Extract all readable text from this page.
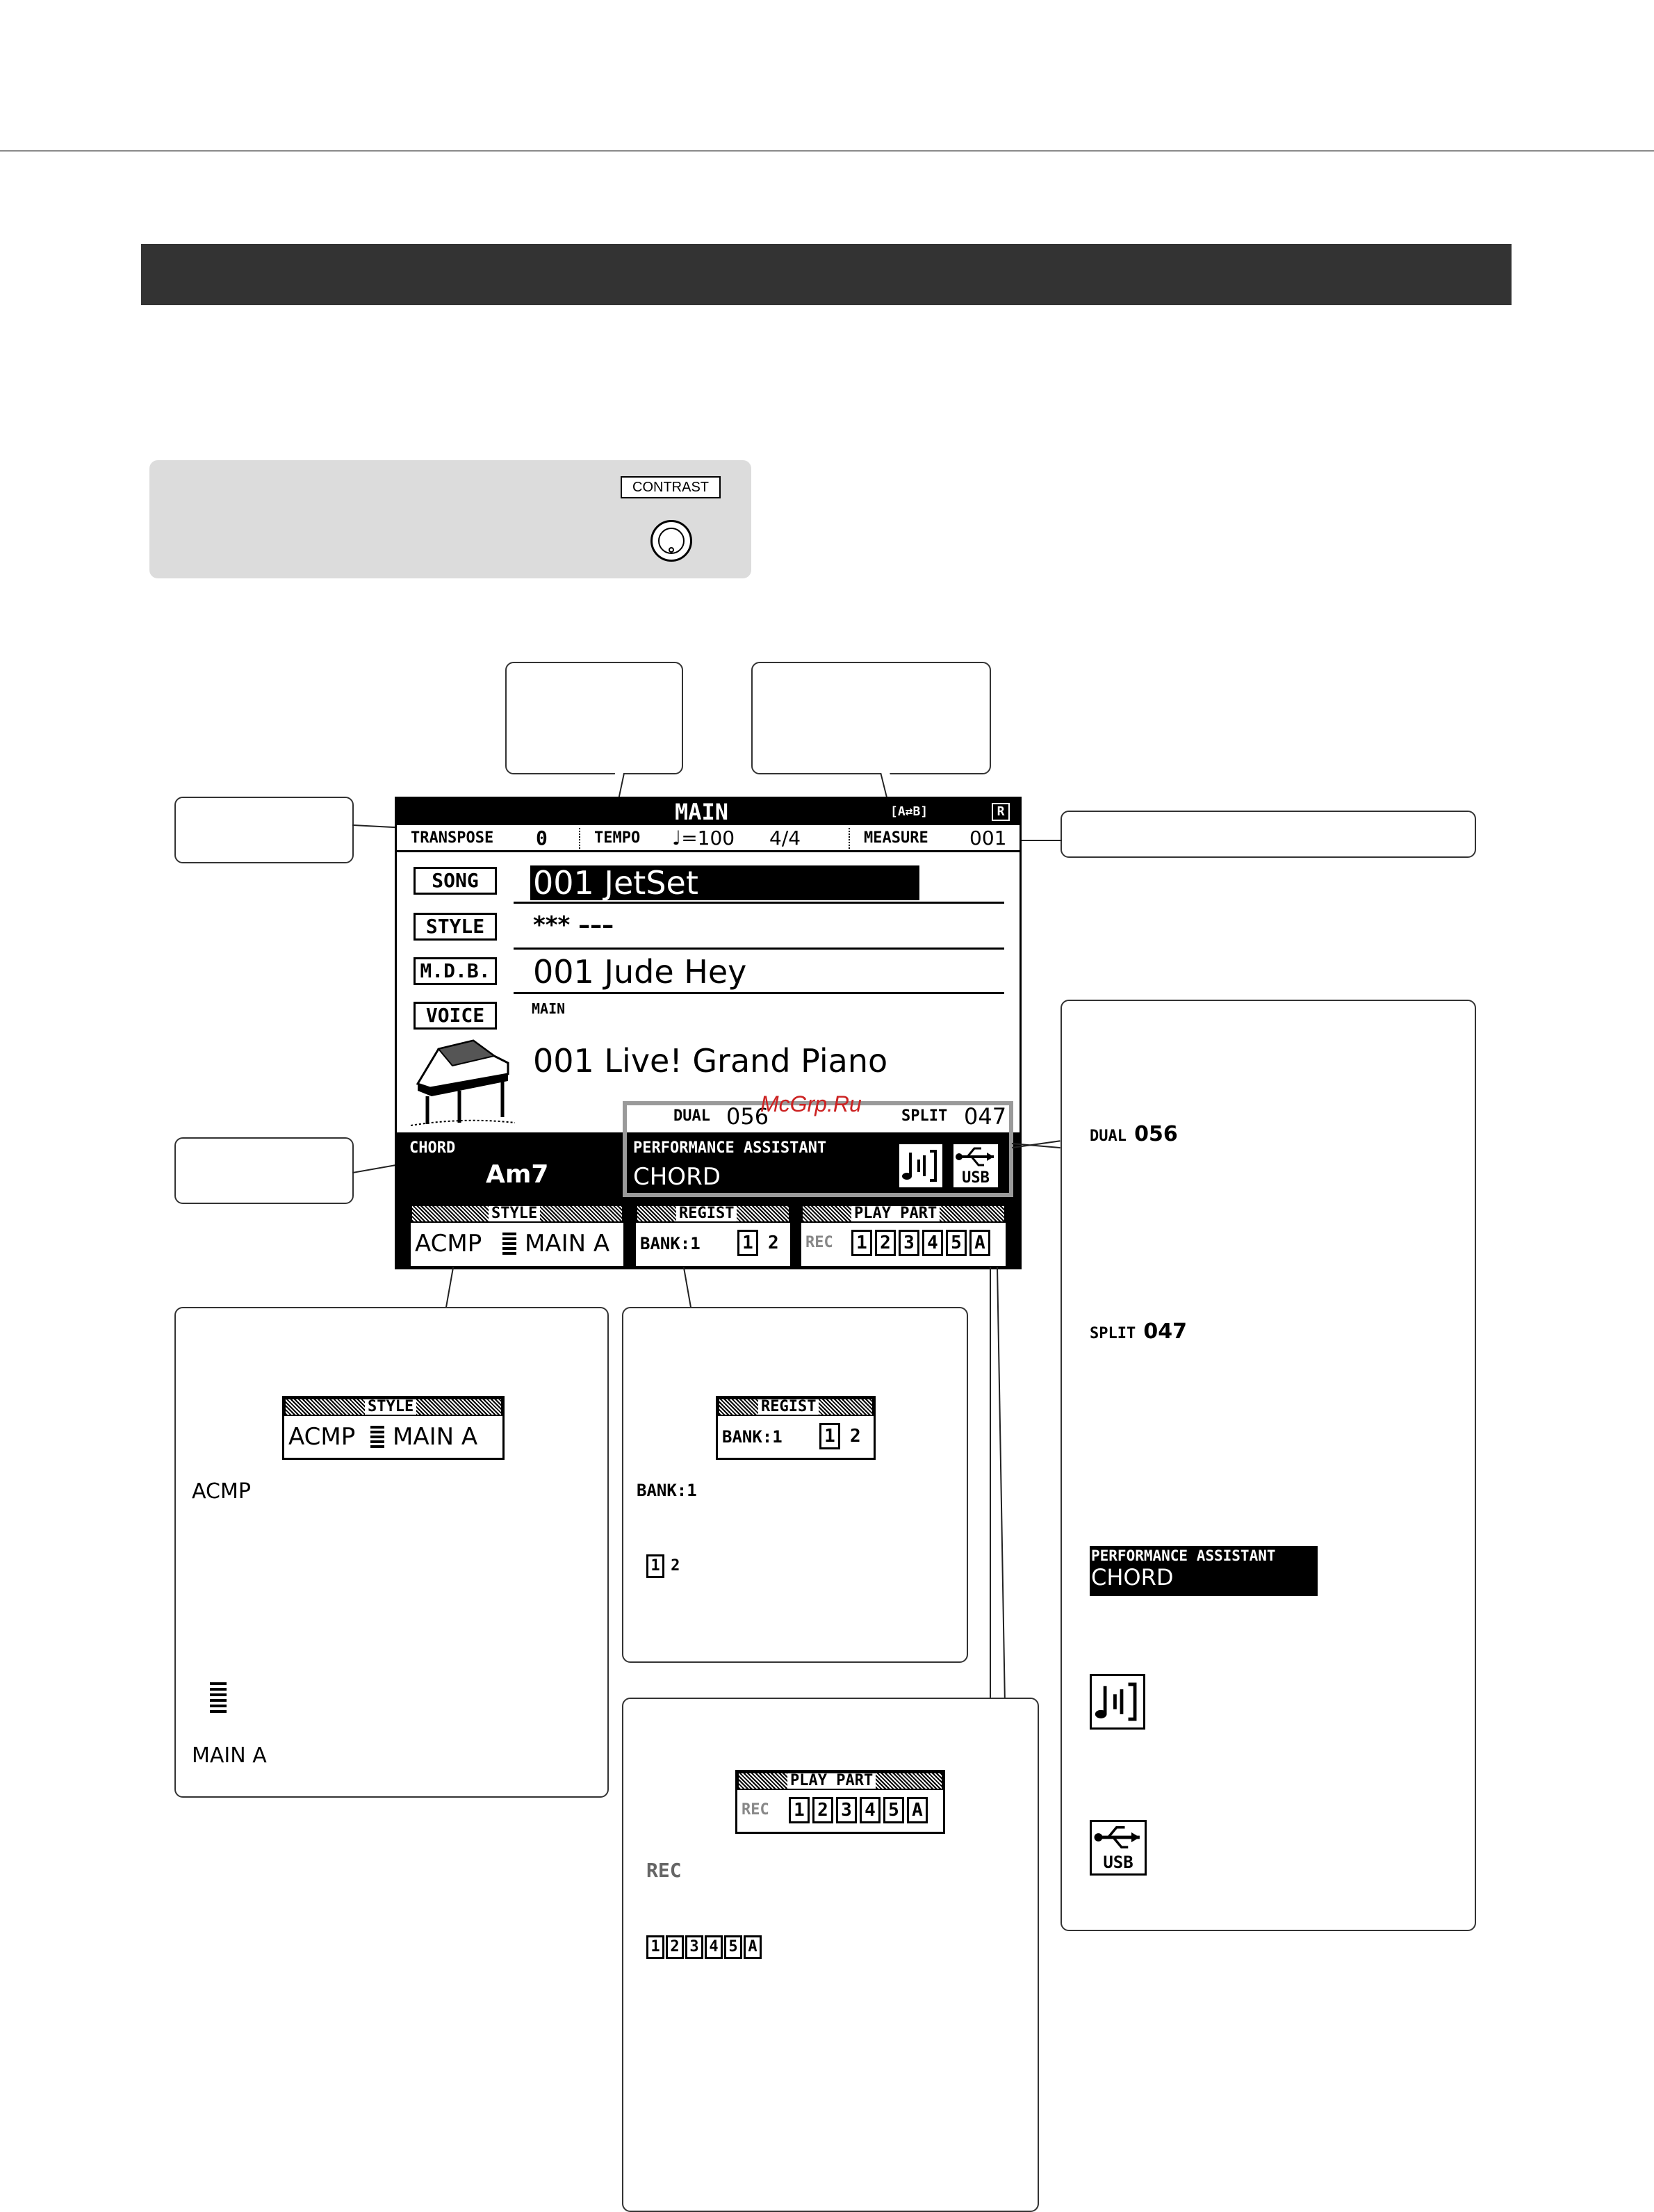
CONTRAST
MAIN	[A⇄B]	R
TRANSPOSE 0	TEMPO ♩=100 4/4	MEASURE 001
SONG	001 JetSet
STYLE	*** –––
M.D.B. 001 Jude Hey
VOICE	MAIN
001 Live! Grand Piano
DUAL 056	SPLIT 047
CHORD
Am7
PERFORMANCE ASSISTANT
CHORD	USB
STYLE
ACMP MAIN A
REGIST
BANK:1 1 2
PLAY PART
REC 1 2 3 4 5 A
McGrp.Ru
STYLE
ACMP MAIN A
ACMP
MAIN A
REGIST
BANK:1 1 2
BANK:1
1 2
PLAY PART
REC 1 2 3 4 5 A
REC
1 2 3 4 5 A
DUAL 056
SPLIT 047
PERFORMANCE ASSISTANT
CHORD
USB
